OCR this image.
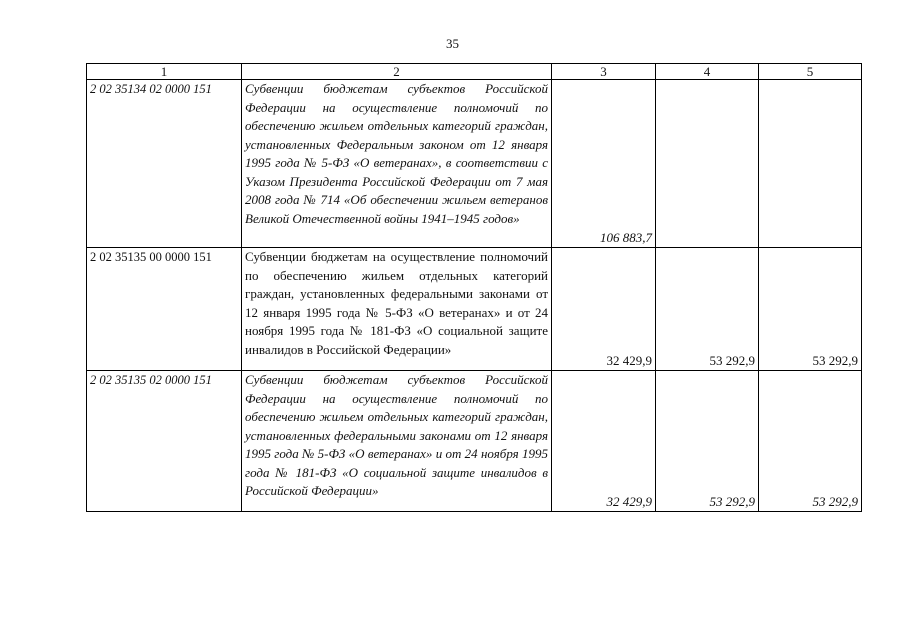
35
1	2	3	4	5
2 02 35134 02 0000 151	Субвенции бюджетам субъектов Российской Федерации на осуществление полномочий по обеспечению жильем отдельных категорий граждан, установленных Федеральным законом от 12 января 1995 года № 5-ФЗ «О ветеранах», в соответствии с Указом Президента Российской Федерации от 7 мая 2008 года № 714 «Об обеспечении жильем ветеранов Великой Отечественной войны 1941–1945 годов»	106 883,7		
2 02 35135 00 0000 151	Субвенции бюджетам на осуществление полномочий по обеспечению жильем отдельных категорий граждан, установленных федеральными законами от 12 января 1995 года № 5-ФЗ «О ветеранах» и от 24 ноября 1995 года № 181-ФЗ «О социальной защите инвалидов в Российской Федерации»	32 429,9	53 292,9	53 292,9
2 02 35135 02 0000 151	Субвенции бюджетам субъектов Российской Федерации на осуществление полномочий по обеспечению жильем отдельных категорий граждан, установленных федеральными законами от 12 января 1995 года № 5-ФЗ «О ветеранах» и от 24 ноября 1995 года № 181-ФЗ «О социальной защите инвалидов в Российской Федерации»	32 429,9	53 292,9	53 292,9
